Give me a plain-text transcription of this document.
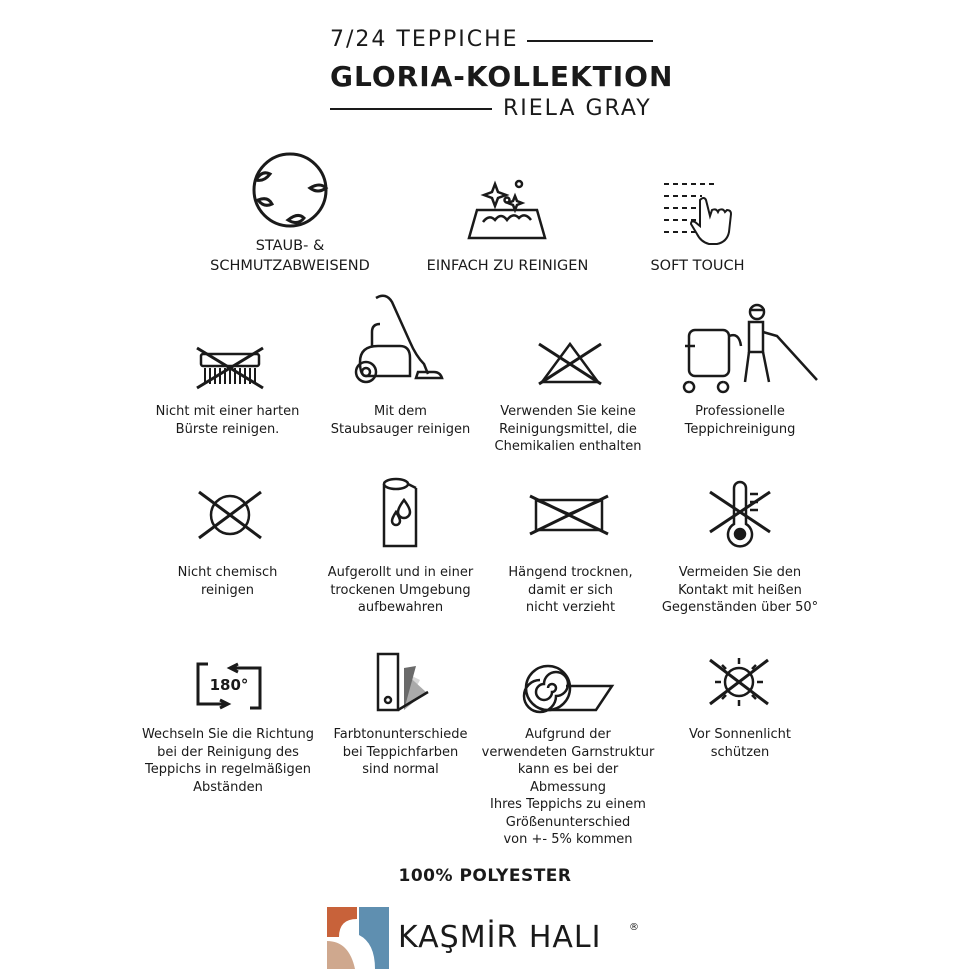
7/24 TEPPICHE
GLORIA-KOLLEKTION
RIELA GRAY
STAUB- &
SCHMUTZABWEISEND	EINFACH ZU REINIGEN	SOFT TOUCH
Nicht mit einer harten
Bürste reinigen.
Mit dem
Staubsauger reinigen
Verwenden Sie keine
Reinigungsmittel, die
Chemikalien enthalten
Professionelle
Teppichreinigung
Nicht chemisch
reinigen
Aufgerollt und in einer
trockenen Umgebung
aufbewahren
Hängend trocknen,
damit er sich
nicht verzieht
Vermeiden Sie den
Kontakt mit heißen
Gegenständen über 50°
180°
Wechseln Sie die Richtung
bei der Reinigung des
Teppichs in regelmäßigen
Abständen
Farbtonunterschiede
bei Teppichfarben
sind normal
Aufgrund der
verwendeten Garnstruktur
kann es bei der Abmessung
Ihres Teppichs zu einem
Größenunterschied
von +- 5% kommen
Vor Sonnenlicht
schützen
100% POLYESTER
KAŞMİR HALI	®
